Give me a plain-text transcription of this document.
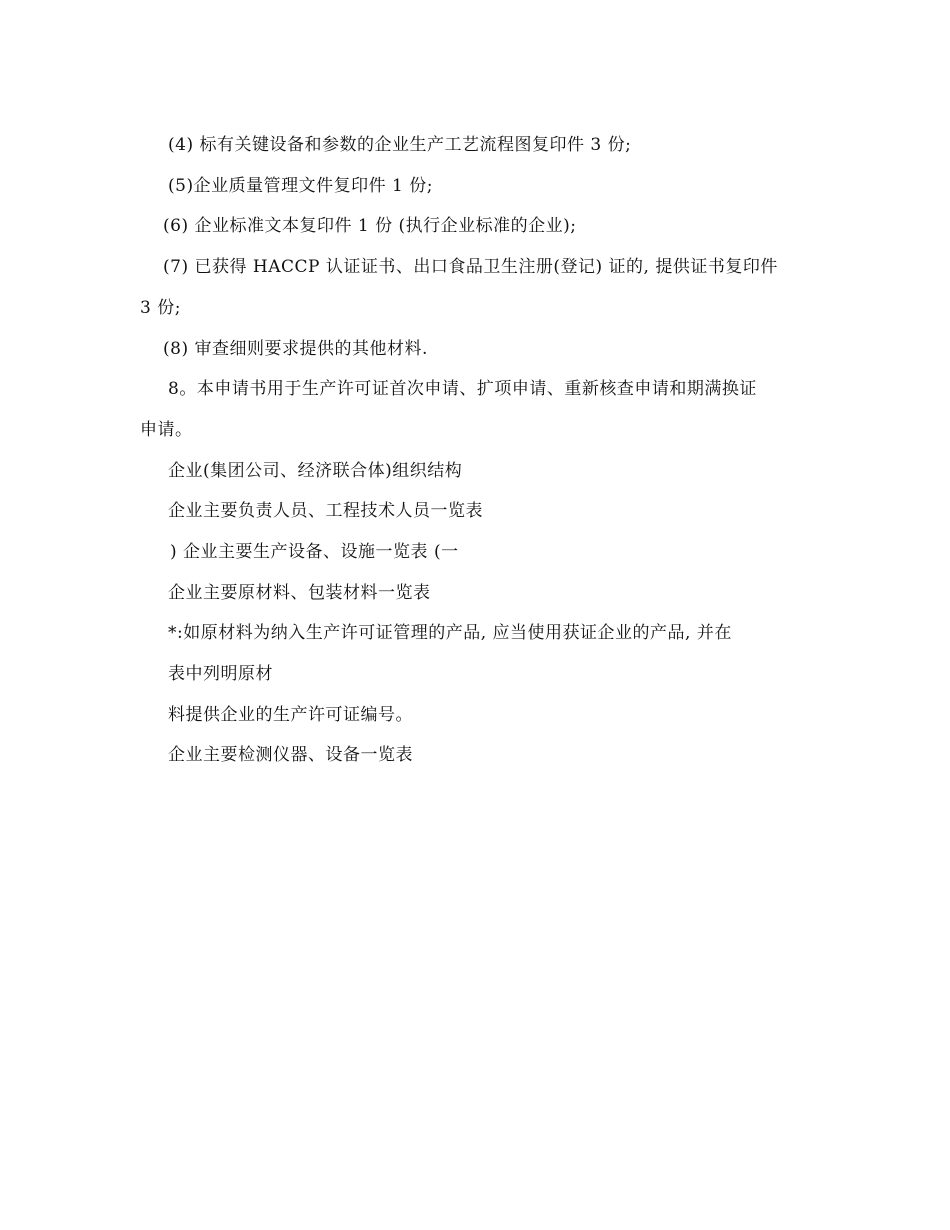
(4) 标有关键设备和参数的企业生产工艺流程图复印件 3 份;
(5)企业质量管理文件复印件 1 份;
(6) 企业标准文本复印件 1 份 (执行企业标准的企业);
(7) 已获得 HACCP 认证证书、出口食品卫生注册(登记) 证的, 提供证书复印件
3 份;
(8) 审查细则要求提供的其他材料.
8。本申请书用于生产许可证首次申请、扩项申请、重新核查申请和期满换证
申请。
企业(集团公司、经济联合体)组织结构
企业主要负责人员、工程技术人员一览表
) 企业主要生产设备、设施一览表 (一
企业主要原材料、包装材料一览表
*:如原材料为纳入生产许可证管理的产品, 应当使用获证企业的产品, 并在
表中列明原材
料提供企业的生产许可证编号。
企业主要检测仪器、设备一览表
